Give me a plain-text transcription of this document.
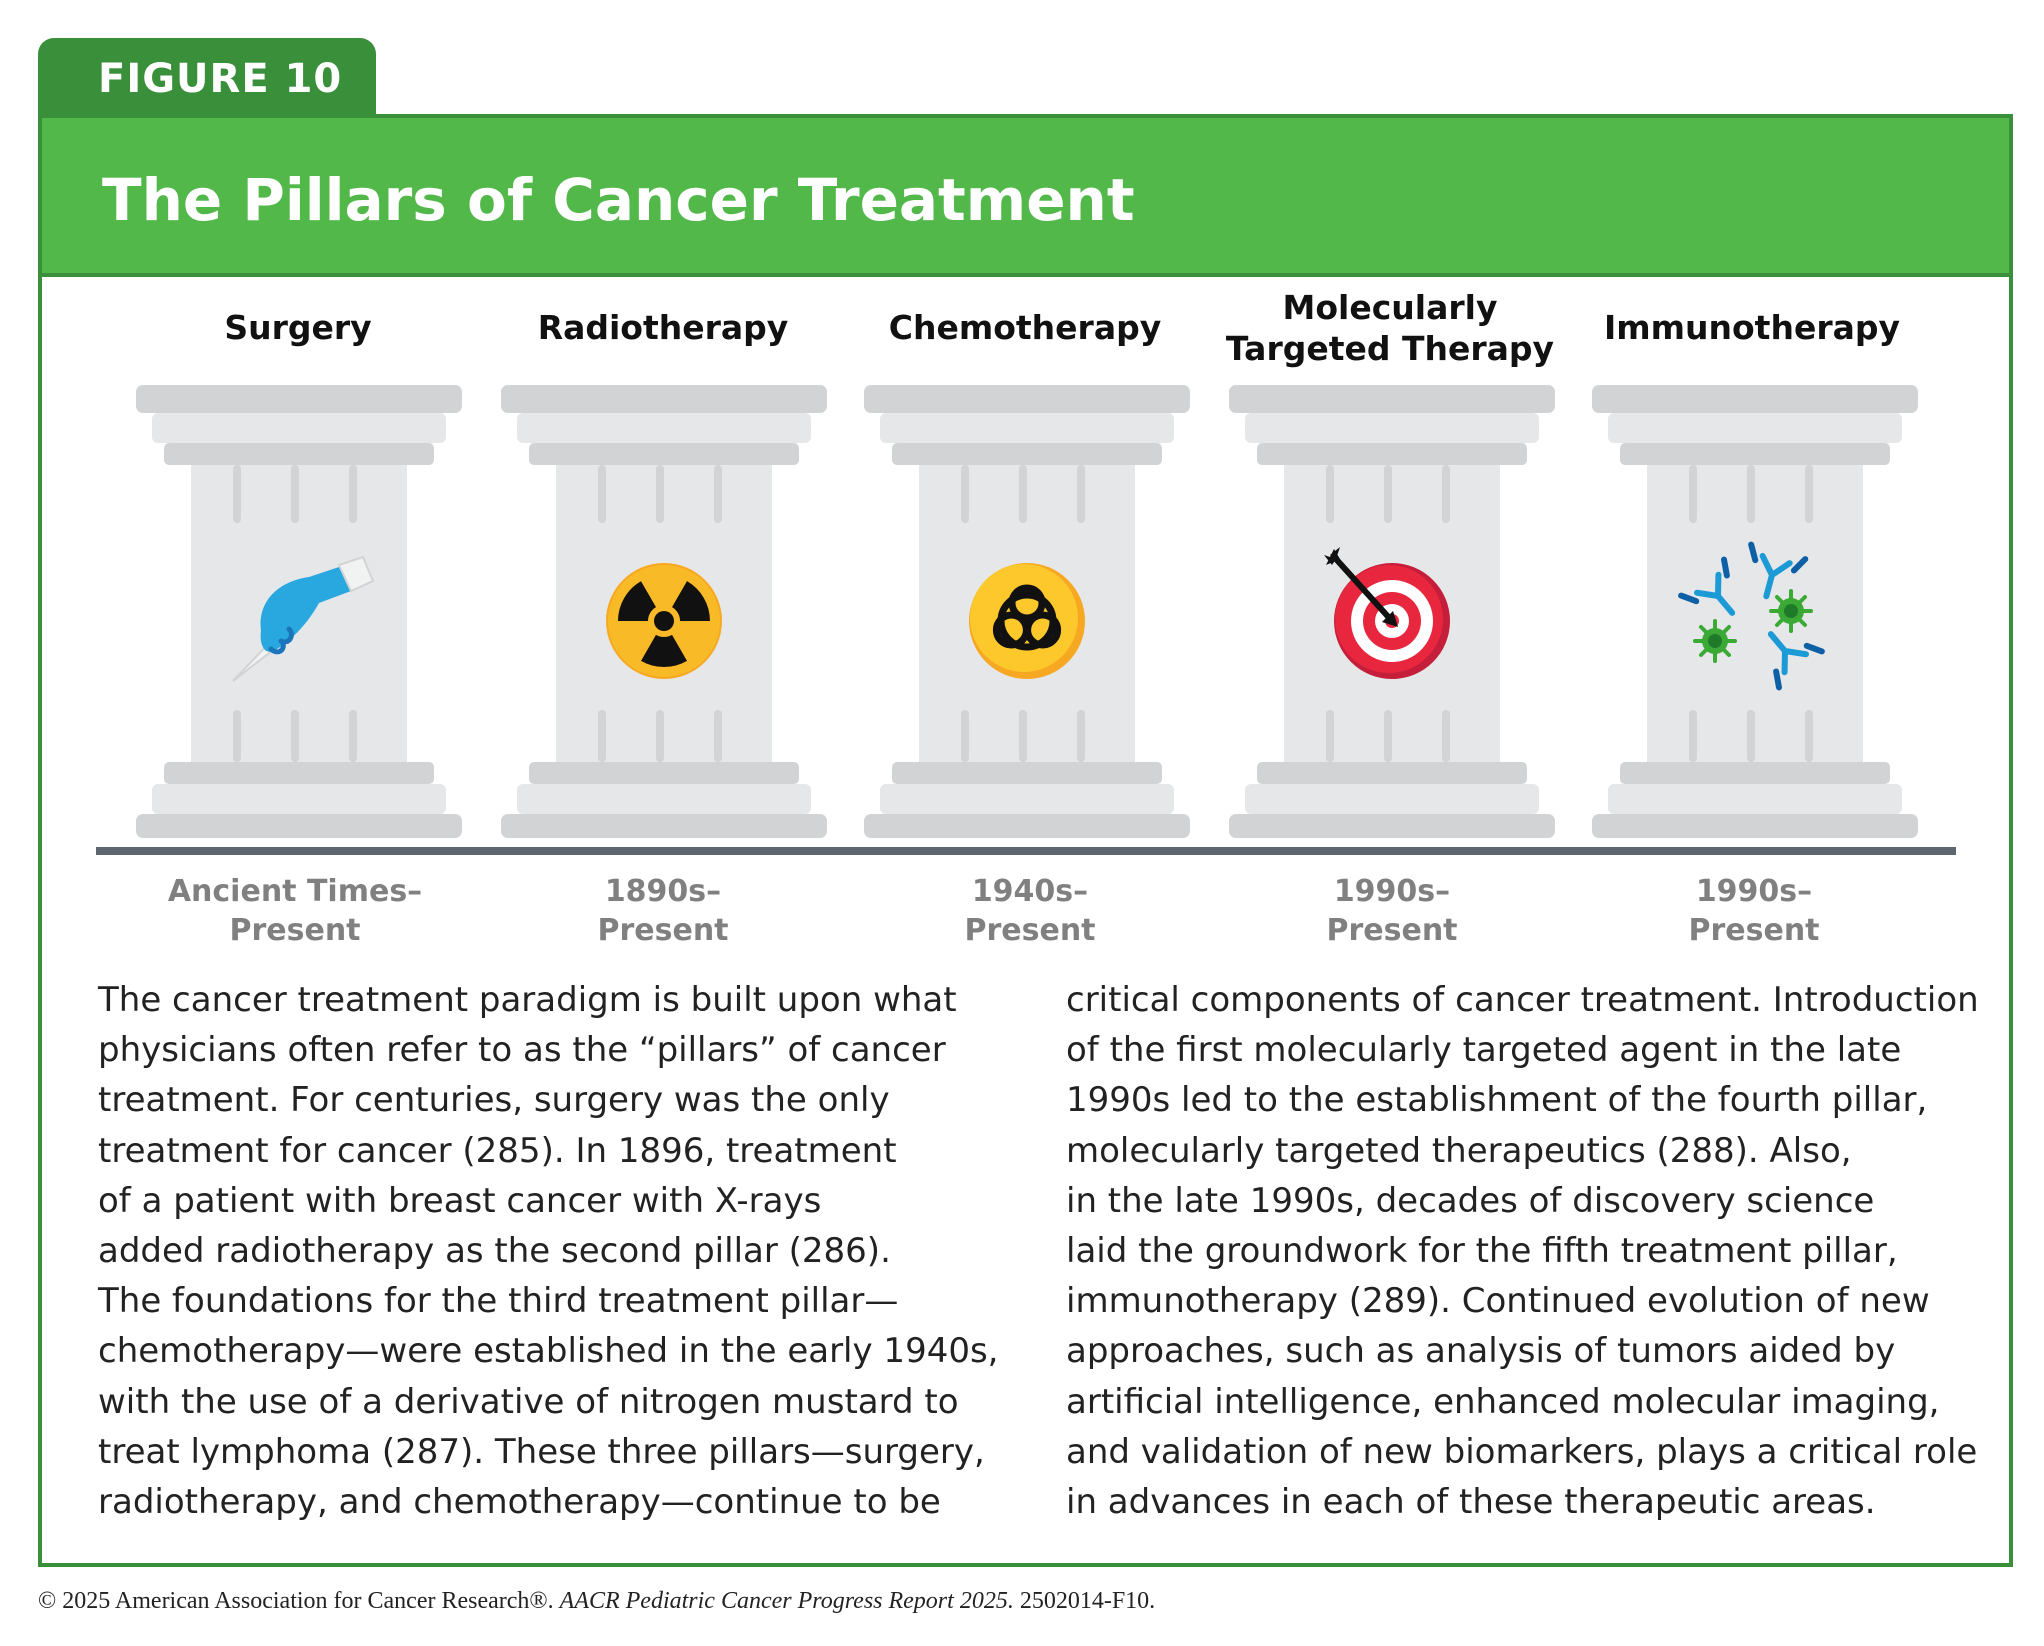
FIGURE 10
The Pillars of Cancer Treatment
Surgery	Radiotherapy	Chemotherapy
Molecularly
Targeted Therapy
Immunotherapy
Ancient Times–
Present
1890s–
Present
1940s–
Present
1990s–
Present
1990s–
Present
The cancer treatment paradigm is built upon what
physicians often refer to as the “pillars” of cancer
treatment. For centuries, surgery was the only
treatment for cancer (285). In 1896, treatment
of a patient with breast cancer with X-rays
added radiotherapy as the second pillar (286).
The foundations for the third treatment pillar—
chemotherapy—were established in the early 1940s,
with the use of a derivative of nitrogen mustard to
treat lymphoma (287). These three pillars—surgery,
radiotherapy, and chemotherapy—continue to be
critical components of cancer treatment. Introduction
of the first molecularly targeted agent in the late
1990s led to the establishment of the fourth pillar,
molecularly targeted therapeutics (288). Also,
in the late 1990s, decades of discovery science
laid the groundwork for the fifth treatment pillar,
immunotherapy (289). Continued evolution of new
approaches, such as analysis of tumors aided by
artificial intelligence, enhanced molecular imaging,
and validation of new biomarkers, plays a critical role
in advances in each of these therapeutic areas.
© 2025 American Association for Cancer Research®. AACR Pediatric Cancer Progress Report 2025. 2502014-F10.
